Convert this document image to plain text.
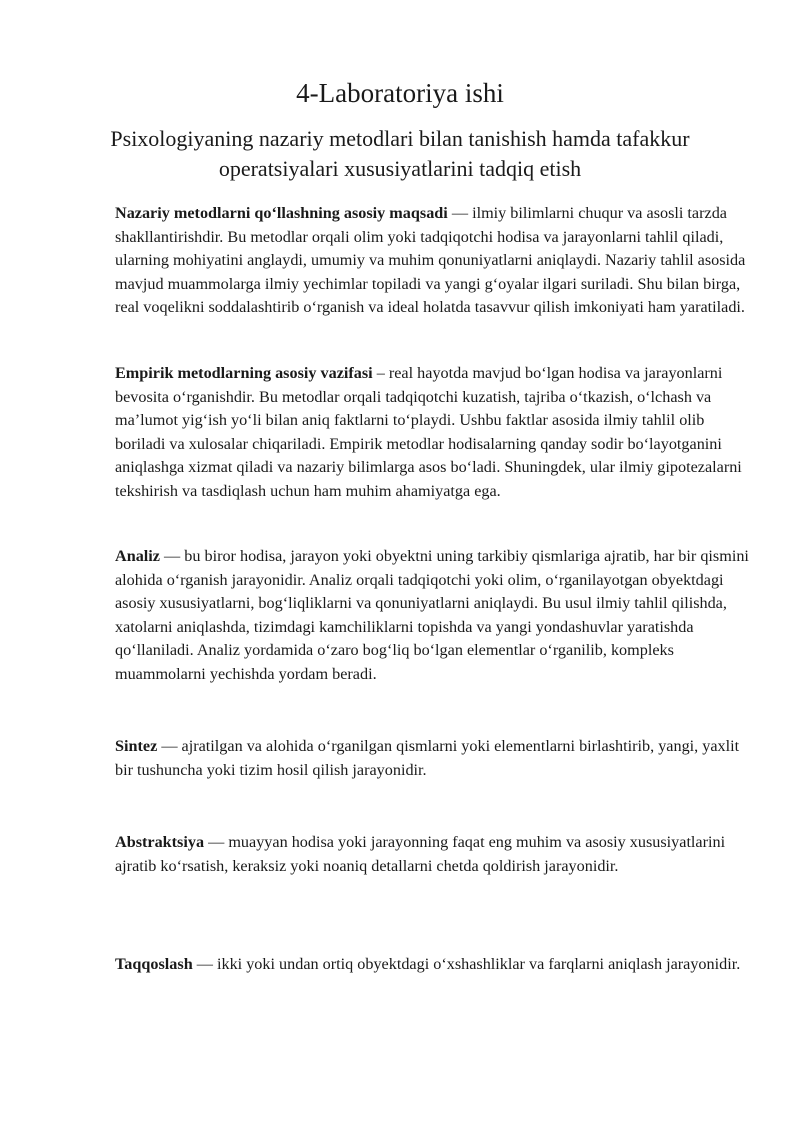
4-Laboratoriya ishi
Psixologiyaning nazariy metodlari bilan tanishish hamda tafakkur operatsiyalari xususiyatlarini tadqiq etish

Nazariy metodlarni qo‘llashning asosiy maqsadi — ilmiy bilimlarni chuqur va asosli tarzda shakllantirishdir. Bu metodlar orqali olim yoki tadqiqotchi hodisa va jarayonlarni tahlil qiladi, ularning mohiyatini anglaydi, umumiy va muhim qonuniyatlarni aniqlaydi. Nazariy tahlil asosida mavjud muammolarga ilmiy yechimlar topiladi va yangi g‘oyalar ilgari suriladi. Shu bilan birga, real voqelikni soddalashtirib o‘rganish va ideal holatda tasavvur qilish imkoniyati ham yaratiladi.

Empirik metodlarning asosiy vazifasi – real hayotda mavjud bo‘lgan hodisa va jarayonlarni bevosita o‘rganishdir. Bu metodlar orqali tadqiqotchi kuzatish, tajriba o‘tkazish, o‘lchash va ma’lumot yig‘ish yo‘li bilan aniq faktlarni to‘playdi. Ushbu faktlar asosida ilmiy tahlil olib boriladi va xulosalar chiqariladi. Empirik metodlar hodisalarning qanday sodir bo‘layotganini aniqlashga xizmat qiladi va nazariy bilimlarga asos bo‘ladi. Shuningdek, ular ilmiy gipotezalarni tekshirish va tasdiqlash uchun ham muhim ahamiyatga ega.

Analiz — bu biror hodisa, jarayon yoki obyektni uning tarkibiy qismlariga ajratib, har bir qismini alohida o‘rganish jarayonidir. Analiz orqali tadqiqotchi yoki olim, o‘rganilayotgan obyektdagi asosiy xususiyatlarni, bog‘liqliklarni va qonuniyatlarni aniqlaydi. Bu usul ilmiy tahlil qilishda, xatolarni aniqlashda, tizimdagi kamchiliklarni topishda va yangi yondashuvlar yaratishda qo‘llaniladi. Analiz yordamida o‘zaro bog‘liq bo‘lgan elementlar o‘rganilib, kompleks muammolarni yechishda yordam beradi.

Sintez — ajratilgan va alohida o‘rganilgan qismlarni yoki elementlarni birlashtirib, yangi, yaxlit bir tushuncha yoki tizim hosil qilish jarayonidir.

Abstraktsiya — muayyan hodisa yoki jarayonning faqat eng muhim va asosiy xususiyatlarini ajratib ko‘rsatish, keraksiz yoki noaniq detallarni chetda qoldirish jarayonidir.

Taqqoslash — ikki yoki undan ortiq obyektdagi o‘xshashliklar va farqlarni aniqlash jarayonidir.
